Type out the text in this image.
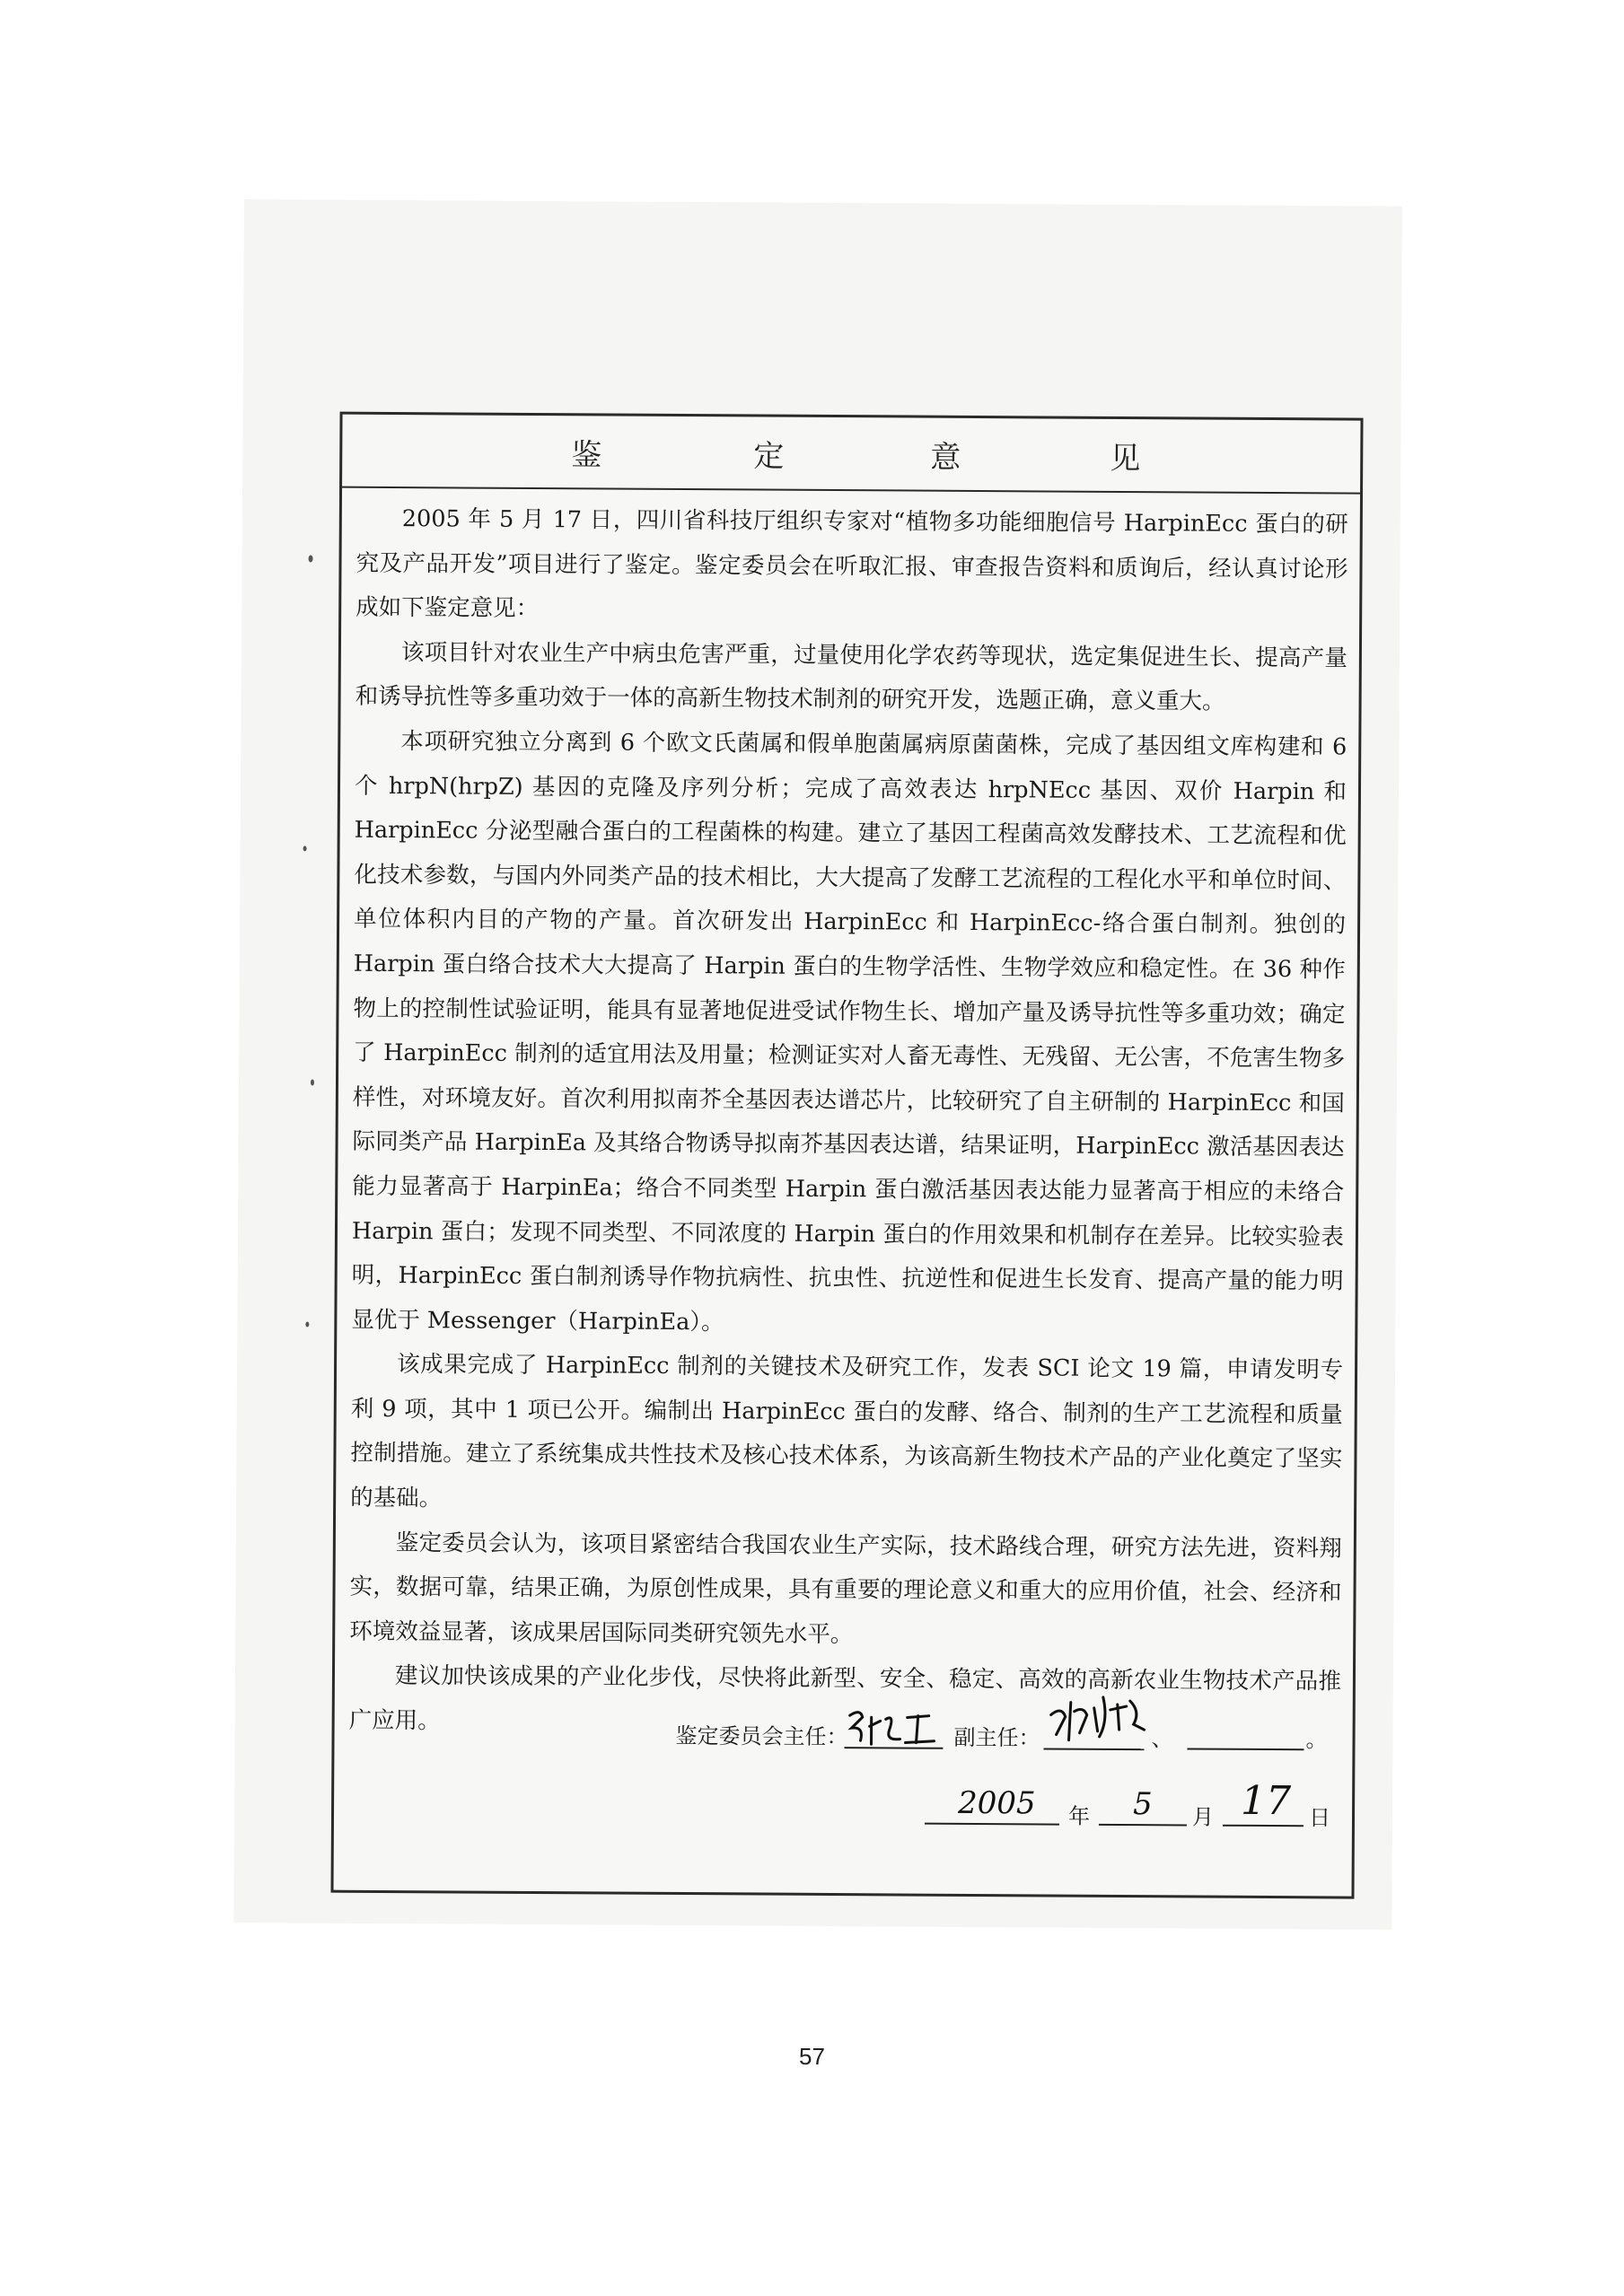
鉴	定	意	见

2005 年 5 月 17 日，四川省科技厅组织专家对“植物多功能细胞信号 HarpinEcc 蛋白的研究及产品开发”项目进行了鉴定。鉴定委员会在听取汇报、审查报告资料和质询后，经认真讨论形成如下鉴定意见：

该项目针对农业生产中病虫危害严重，过量使用化学农药等现状，选定集促进生长、提高产量和诱导抗性等多重功效于一体的高新生物技术制剂的研究开发，选题正确，意义重大。

本项研究独立分离到 6 个欧文氏菌属和假单胞菌属病原菌菌株，完成了基因组文库构建和 6 个 hrpN(hrpZ) 基因的克隆及序列分析；完成了高效表达 hrpNEcc 基因、双价 Harpin 和 HarpinEcc 分泌型融合蛋白的工程菌株的构建。建立了基因工程菌高效发酵技术、工艺流程和优化技术参数，与国内外同类产品的技术相比，大大提高了发酵工艺流程的工程化水平和单位时间、单位体积内目的产物的产量。首次研发出 HarpinEcc 和 HarpinEcc-络合蛋白制剂。独创的 Harpin 蛋白络合技术大大提高了 Harpin 蛋白的生物学活性、生物学效应和稳定性。在 36 种作物上的控制性试验证明，能具有显著地促进受试作物生长、增加产量及诱导抗性等多重功效；确定了 HarpinEcc 制剂的适宜用法及用量；检测证实对人畜无毒性、无残留、无公害，不危害生物多样性，对环境友好。首次利用拟南芥全基因表达谱芯片，比较研究了自主研制的 HarpinEcc 和国际同类产品 HarpinEa 及其络合物诱导拟南芥基因表达谱，结果证明，HarpinEcc 激活基因表达能力显著高于 HarpinEa；络合不同类型 Harpin 蛋白激活基因表达能力显著高于相应的未络合 Harpin 蛋白；发现不同类型、不同浓度的 Harpin 蛋白的作用效果和机制存在差异。比较实验表明，HarpinEcc 蛋白制剂诱导作物抗病性、抗虫性、抗逆性和促进生长发育、提高产量的能力明显优于 Messenger（HarpinEa）。

该成果完成了 HarpinEcc 制剂的关键技术及研究工作，发表 SCI 论文 19 篇，申请发明专利 9 项，其中 1 项已公开。编制出 HarpinEcc 蛋白的发酵、络合、制剂的生产工艺流程和质量控制措施。建立了系统集成共性技术及核心技术体系，为该高新生物技术产品的产业化奠定了坚实的基础。

鉴定委员会认为，该项目紧密结合我国农业生产实际，技术路线合理，研究方法先进，资料翔实，数据可靠，结果正确，为原创性成果，具有重要的理论意义和重大的应用价值，社会、经济和环境效益显著，该成果居国际同类研究领先水平。

建议加快该成果的产业化步伐，尽快将此新型、安全、稳定、高效的高新农业生物技术产品推广应用。

鉴定委员会主任：	副主任：	、	。
2005 年 5 月 17 日
57
